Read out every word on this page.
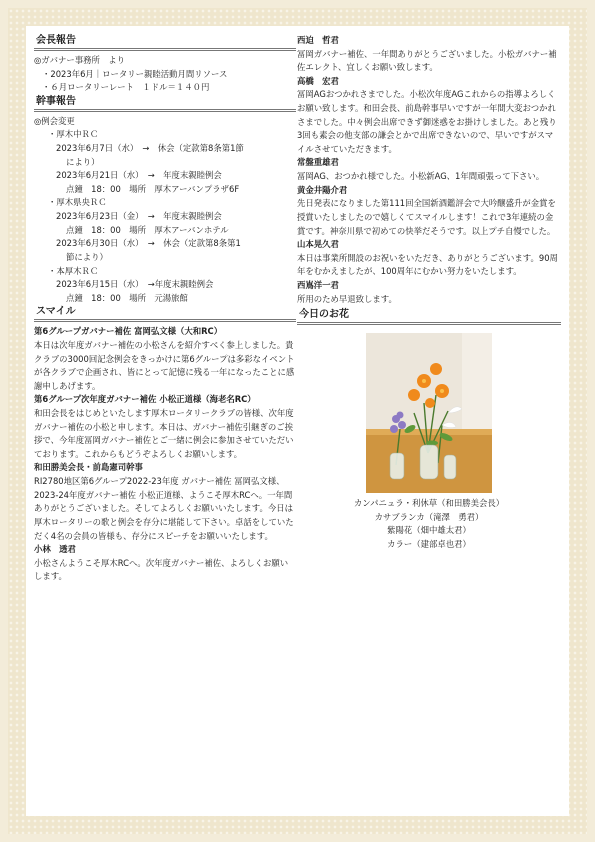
会長報告

◎ガバナー事務所　より

・2023年6月｜ロータリー親睦活動月間リソース

・６月ロータリーレート　１ドル＝１４０円

幹事報告

◎例会変更

・厚木中ＲＣ

2023年6月7日（水）　→　休会（定款第8条第1節

により）

2023年6月21日（水）　→　年度末親睦例会

点鐘　18：00　場所　厚木アーバンプラザ6F

・厚木県央ＲＣ

2023年6月23日（金）　→　年度末親睦例会

点鐘　18：00　場所　厚木アーバンホテル

2023年6月30日（水）　→　休会（定款第8条第1

節により）

・本厚木ＲＣ

2023年6月15日（水）　→年度末親睦例会

点鐘　18：00　場所　元湯旅館

スマイル

第6グループガバナー補佐 富岡弘文様（大和RC）

本日は次年度ガバナー補佐の小松さんを紹介すべく参上しました。貴クラブの3000回記念例会をきっかけに第6グループは多彩なイベントが各クラブで企画され、皆にとって記憶に残る一年になったことに感謝申しあげます。

第6グループ次年度ガバナー補佐 小松正道様（海老名RC）

和田会長をはじめといたします厚木ロータリークラブの皆様、次年度ガバナー補佐の小松と申します。本日は、ガバナー補佐引継ぎのご挨拶で、今年度冨岡ガバナー補佐とご一緒に例会に参加させていただいております。これからもどうぞよろしくお願いします。

和田勝美会長・前島憲司幹事

RI2780地区第6グループ2022-23年度 ガバナー補佐 冨岡弘文様、2023-24年度ガバナー補佐 小松正道様、ようこそ厚木RCへ。一年間ありがとうございました。そしてよろしくお願いいたします。今日は厚木ロータリーの歌と例会を存分に堪能して下さい。卓話をしていただく4名の会員の皆様も、存分にスピーチをお願いいたします。

小林　透君

小松さんようこそ厚木RCへ。次年度ガバナー補佐、よろしくお願いします。

西迫　哲君

冨岡ガバナー補佐、一年間ありがとうございました。小松ガバナー補佐エレクト、宜しくお願い致します。

高橋　宏君

冨岡AGおつかれさまでした。小松次年度AGこれからの指導よろしくお願い致します。和田会長、前島幹事早いですが一年間大変おつかれさまでした。中々例会出席できず御迷惑をお掛けしました。あと残り3回も素会の他支部の謙会とかで出席できないので、早いですがスマイルさせていただきます。

常盤重雄君

冨岡AG、おつかれ様でした。小松新AG、1年間頑張って下さい。

黄金井陽介君

先日発表になりました第111回全国新酒鑑評会で大吟醸盛升が金賞を授賞いたしましたので嬉しくてスマイルします！これで3年連続の金賞です。神奈川県で初めての快挙だそうです。以上プチ自慢でした。

山本晃久君

本日は事業所開設のお祝いをいただき、ありがとうございます。90周年をむかえましたが、100周年にむかい努力をいたします。

西嶌洋一君

所用のため早退致します。

今日のお花

カンパニュラ・利休草（和田勝美会長）

カサブランカ（滝澤　勇君）

紫陽花（畑中雄太君）

カラー（建部卓也君）
